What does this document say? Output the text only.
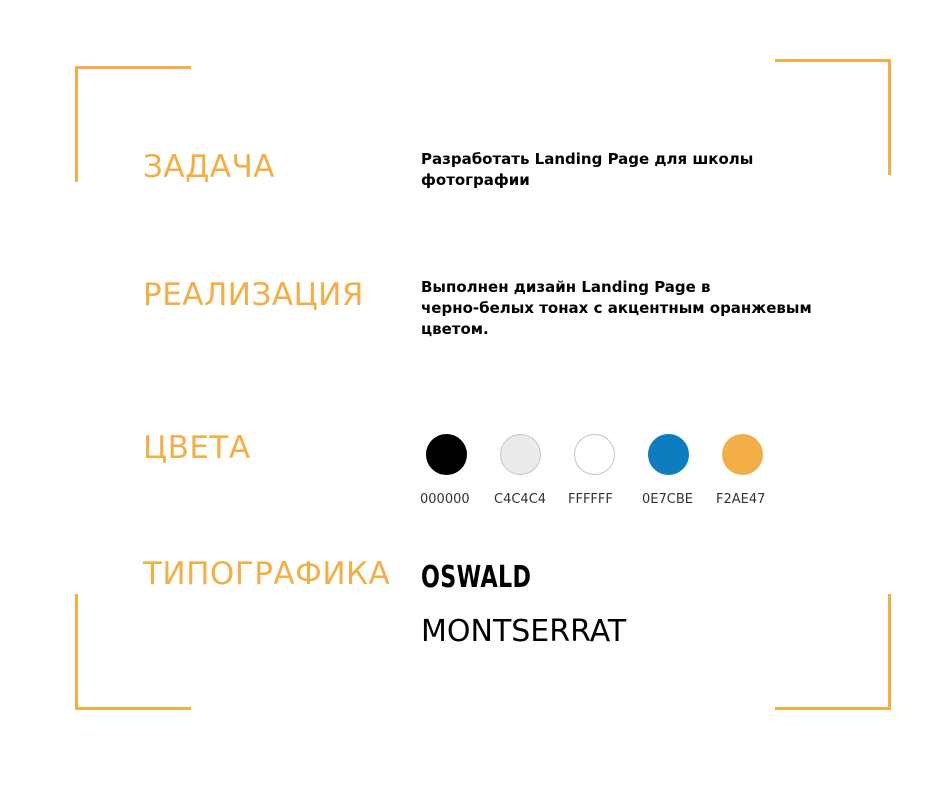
ЗАДАЧА	Разработать Landing Page для школы
фотографии
РЕАЛИЗАЦИЯ	Выполнен дизайн Landing Page в
черно-белых тонах с акцентным оранжевым
цветом.
ЦВЕТА
000000 C4C4C4 FFFFFF 0E7CBE F2AE47
ТИПОГРАФИКА OSWALD
MONTSERRAT
